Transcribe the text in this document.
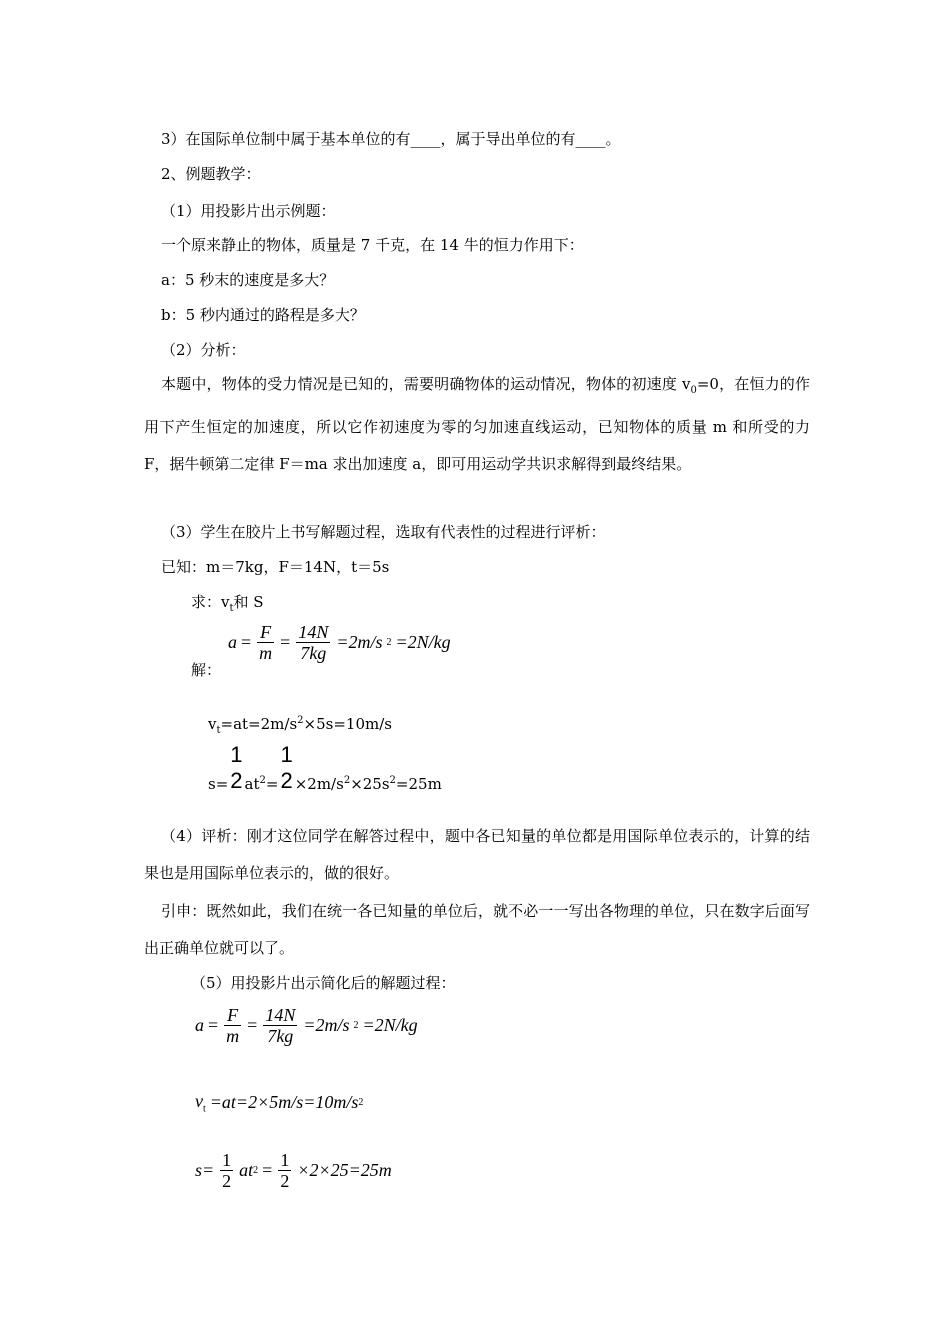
3）在国际单位制中属于基本单位的有____，属于导出单位的有____。
2、例题教学：
（1）用投影片出示例题：
一个原来静止的物体，质量是 7 千克，在 14 牛的恒力作用下：
a：5 秒末的速度是多大？
b：5 秒内通过的路程是多大？
（2）分析：
本题中，物体的受力情况是已知的，需要明确物体的运动情况，物体的初速度 $v_0=0$，在恒力的作用下产生恒定的加速度，所以它作初速度为零的匀加速直线运动，已知物体的质量 m 和所受的力 F，据牛顿第二定律 F＝ma 求出加速度 a，即可用运动学共识求解得到最终结果。
（3）学生在胶片上书写解题过程，选取有代表性的过程进行评析：
已知：m＝7kg，F＝14N，t＝5s
求：$v_t$和 S
解：
$a = \frac{F}{m} = \frac{14N}{7kg} =2m/s$ 2 =2N/kg
$v_t=at=2m/s^2\times 5s=10m/s$
s=
1
2 $at^2=$
1
$2 \times 2m/s^2\times 25s^2=25m$
（4）评析：刚才这位同学在解答过程中，题中各已知量的单位都是用国际单位表示的，计算的结果也是用国际单位表示的，做的很好。
引申：既然如此，我们在统一各已知量的单位后，就不必一一写出各物理的单位，只在数字后面写出正确单位就可以了。
（5）用投影片出示简化后的解题过程：
$a = \frac{F}{m} = \frac{14N}{7kg} =2m/s$ 2 =2N/kg
$v_t =at=2\times 5m/s=10m/s$ 2
$s= \frac{1}{2}$ at $2 = \frac{1}{2} \times 2\times 25=25m$
